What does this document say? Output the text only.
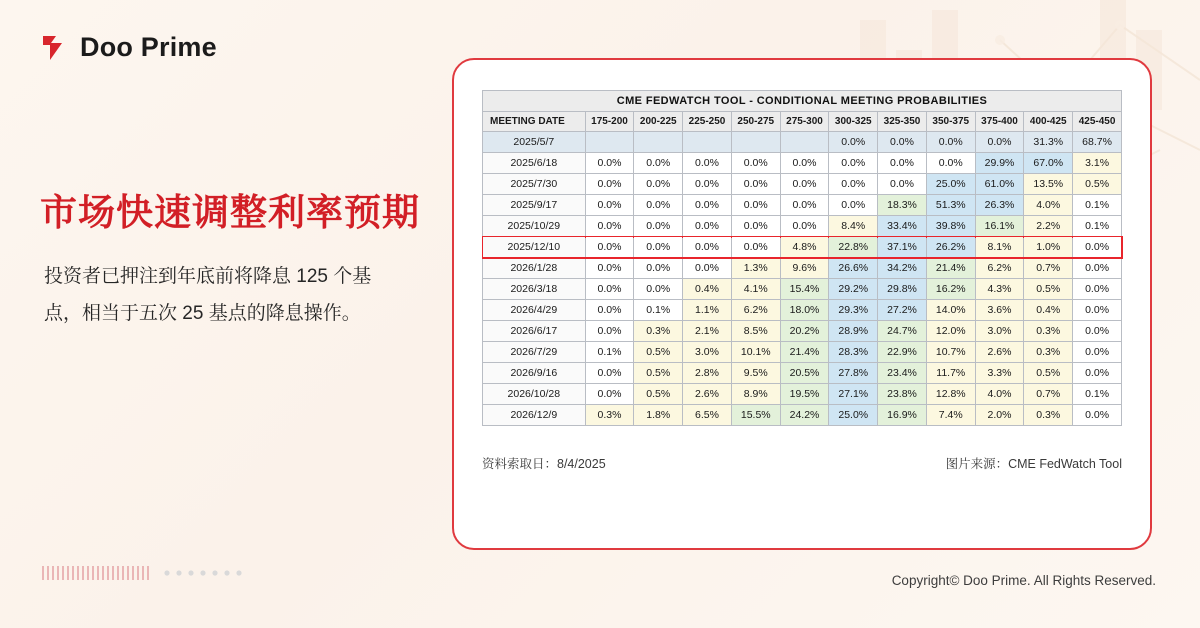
Doo Prime
市场快速调整利率预期
投资者已押注到年底前将降息 125 个基点，相当于五次 25 基点的降息操作。
CME FEDWATCH TOOL - CONDITIONAL MEETING PROBABILITIES											
MEETING DATE	175-200	200-225	225-250	250-275	275-300	300-325	325-350	350-375	375-400	400-425	425-450
2025/5/7						0.0%	0.0%	0.0%	0.0%	31.3%	68.7%
2025/6/18	0.0%	0.0%	0.0%	0.0%	0.0%	0.0%	0.0%	0.0%	29.9%	67.0%	3.1%
2025/7/30	0.0%	0.0%	0.0%	0.0%	0.0%	0.0%	0.0%	25.0%	61.0%	13.5%	0.5%
2025/9/17	0.0%	0.0%	0.0%	0.0%	0.0%	0.0%	18.3%	51.3%	26.3%	4.0%	0.1%
2025/10/29	0.0%	0.0%	0.0%	0.0%	0.0%	8.4%	33.4%	39.8%	16.1%	2.2%	0.1%
2025/12/10	0.0%	0.0%	0.0%	0.0%	4.8%	22.8%	37.1%	26.2%	8.1%	1.0%	0.0%
2026/1/28	0.0%	0.0%	0.0%	1.3%	9.6%	26.6%	34.2%	21.4%	6.2%	0.7%	0.0%
2026/3/18	0.0%	0.0%	0.4%	4.1%	15.4%	29.2%	29.8%	16.2%	4.3%	0.5%	0.0%
2026/4/29	0.0%	0.1%	1.1%	6.2%	18.0%	29.3%	27.2%	14.0%	3.6%	0.4%	0.0%
2026/6/17	0.0%	0.3%	2.1%	8.5%	20.2%	28.9%	24.7%	12.0%	3.0%	0.3%	0.0%
2026/7/29	0.1%	0.5%	3.0%	10.1%	21.4%	28.3%	22.9%	10.7%	2.6%	0.3%	0.0%
2026/9/16	0.0%	0.5%	2.8%	9.5%	20.5%	27.8%	23.4%	11.7%	3.3%	0.5%	0.0%
2026/10/28	0.0%	0.5%	2.6%	8.9%	19.5%	27.1%	23.8%	12.8%	4.0%	0.7%	0.1%
2026/12/9	0.3%	1.8%	6.5%	15.5%	24.2%	25.0%	16.9%	7.4%	2.0%	0.3%	0.0%
资料索取日：8/4/2025	图片来源：CME FedWatch Tool
Copyright© Doo Prime. All Rights Reserved.
